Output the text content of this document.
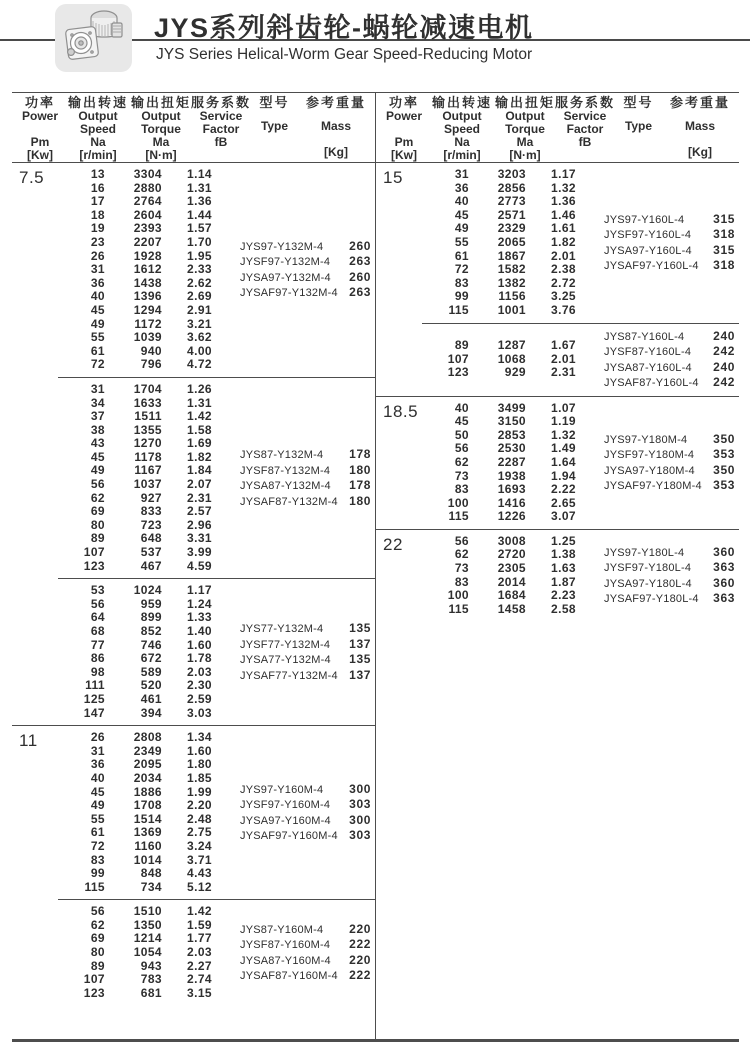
JYS系列斜齿轮-蜗轮减速电机
JYS Series Helical-Worm Gear Speed-Reducing Motor
功率
Power
Pm
[Kw]
输出转速
Output
Speed
Na
[r/min]
输出扭矩
Output
Torque
Ma
[N·m]
服务系数
Service
Factor
fB
型号
Type
参考重量
Mass
[Kg]
7.5	13	3304	1.14
16	2880	1.31
17	2764	1.36
18	2604	1.44
19	2393	1.57
23	2207	1.70
26	1928	1.95
31	1612	2.33
36	1438	2.62
40	1396	2.69
45	1294	2.91
49	1172	3.21
55	1039	3.62
61	940	4.00
72	796	4.72
JYS97-Y132M-4 260
JYSF97-Y132M-4 263
JYSA97-Y132M-4 260
JYSAF97-Y132M-4 263
31	1704	1.26
34	1633	1.31
37	1511	1.42
38	1355	1.58
43	1270	1.69
45	1178	1.82
49	1167	1.84
56	1037	2.07
62	927	2.31
69	833	2.57
80	723	2.96
89	648	3.31
107	537	3.99
123	467	4.59
JYS87-Y132M-4 178
JYSF87-Y132M-4 180
JYSA87-Y132M-4 178
JYSAF87-Y132M-4 180
53	1024	1.17
56	959	1.24
64	899	1.33
68	852	1.40
77	746	1.60
86	672	1.78
98	589	2.03
111	520	2.30
125	461	2.59
147	394	3.03
JYS77-Y132M-4 135
JYSF77-Y132M-4 137
JYSA77-Y132M-4 135
JYSAF77-Y132M-4 137
11	26	2808	1.34
31	2349	1.60
36	2095	1.80
40	2034	1.85
45	1886	1.99
49	1708	2.20
55	1514	2.48
61	1369	2.75
72	1160	3.24
83	1014	3.71
99	848	4.43
115	734	5.12
JYS97-Y160M-4 300
JYSF97-Y160M-4 303
JYSA97-Y160M-4 300
JYSAF97-Y160M-4 303
56	1510	1.42
62	1350	1.59
69	1214	1.77
80	1054	2.03
89	943	2.27
107	783	2.74
123	681	3.15
JYS87-Y160M-4 220
JYSF87-Y160M-4 222
JYSA87-Y160M-4 220
JYSAF87-Y160M-4 222
功率
Power
Pm
[Kw]
输出转速
Output
Speed
Na
[r/min]
输出扭矩
Output
Torque
Ma
[N·m]
服务系数
Service
Factor
fB
型号
Type
参考重量
Mass
[Kg]
15	31	3203	1.17
36	2856	1.32
40	2773	1.36
45	2571	1.46
49	2329	1.61
55	2065	1.82
61	1867	2.01
72	1582	2.38
83	1382	2.72
99	1156	3.25
115	1001	3.76
JYS97-Y160L-4 315
JYSF97-Y160L-4 318
JYSA97-Y160L-4 315
JYSAF97-Y160L-4 318
89	1287	1.67
107	1068	2.01
123	929	2.31
JYS87-Y160L-4 240
JYSF87-Y160L-4 242
JYSA87-Y160L-4 240
JYSAF87-Y160L-4 242
18.5	40	3499	1.07
45	3150	1.19
50	2853	1.32
56	2530	1.49
62	2287	1.64
73	1938	1.94
83	1693	2.22
100	1416	2.65
115	1226	3.07
JYS97-Y180M-4 350
JYSF97-Y180M-4 353
JYSA97-Y180M-4 350
JYSAF97-Y180M-4 353
22	56	3008	1.25
62	2720	1.38
73	2305	1.63
83	2014	1.87
100	1684	2.23
115	1458	2.58
JYS97-Y180L-4 360
JYSF97-Y180L-4 363
JYSA97-Y180L-4 360
JYSAF97-Y180L-4 363
